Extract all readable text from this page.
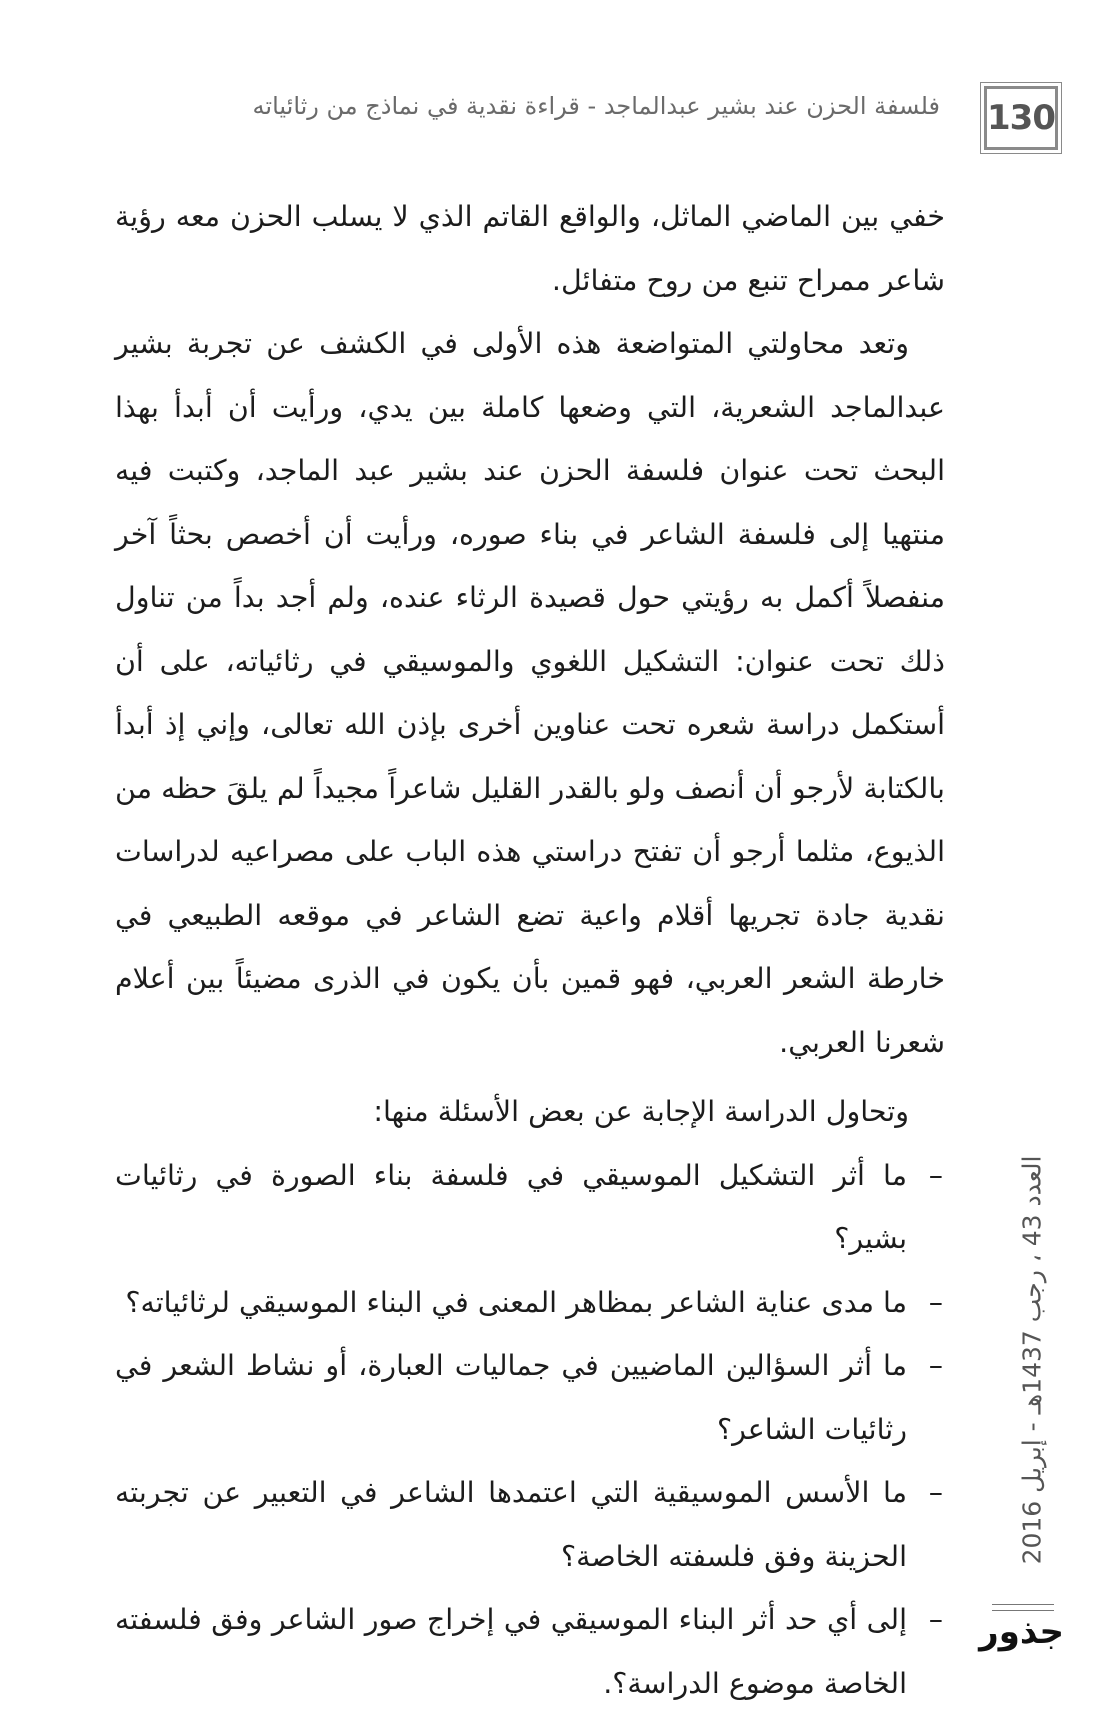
130
فلسفة الحزن عند بشير عبدالماجد - قراءة نقدية في نماذج من رثائياته

خفي بين الماضي الماثل، والواقع القاتم الذي لا يسلب الحزن معه رؤية شاعر ممراح تنبع من روح متفائل.

وتعد محاولتي المتواضعة هذه الأولى في الكشف عن تجربة بشير عبدالماجد الشعرية، التي وضعها كاملة بين يدي، ورأيت أن أبدأ بهذا البحث تحت عنوان فلسفة الحزن عند بشير عبد الماجد، وكتبت فيه منتهيا إلى فلسفة الشاعر في بناء صوره، ورأيت أن أخصص بحثاً آخر منفصلاً أكمل به رؤيتي حول قصيدة الرثاء عنده، ولم أجد بداً من تناول ذلك تحت عنوان: التشكيل اللغوي والموسيقي في رثائياته، على أن أستكمل دراسة شعره تحت عناوين أخرى بإذن الله تعالى، وإني إذ أبدأ بالكتابة لأرجو أن أنصف ولو بالقدر القليل شاعراً مجيداً لم يلقَ حظه من الذيوع، مثلما أرجو أن تفتح دراستي هذه الباب على مصراعيه لدراسات نقدية جادة تجريها أقلام واعية تضع الشاعر في موقعه الطبيعي في خارطة الشعر العربي، فهو قمين بأن يكون في الذرى مضيئاً بين أعلام شعرنا العربي.

وتحاول الدراسة الإجابة عن بعض الأسئلة منها:

–
ما أثر التشكيل الموسيقي في فلسفة بناء الصورة في رثائيات بشير؟
–
ما مدى عناية الشاعر بمظاهر المعنى في البناء الموسيقي لرثائياته؟
–
ما أثر السؤالين الماضيين في جماليات العبارة، أو نشاط الشعر في رثائيات الشاعر؟
–
ما الأسس الموسيقية التي اعتمدها الشاعر في التعبير عن تجربته الحزينة وفق فلسفته الخاصة؟
–
إلى أي حد أثر البناء الموسيقي في إخراج صور الشاعر وفق فلسفته الخاصة موضوع الدراسة؟.
العدد 43 ، رجب 1437هـ - إبريل 2016
جذور
